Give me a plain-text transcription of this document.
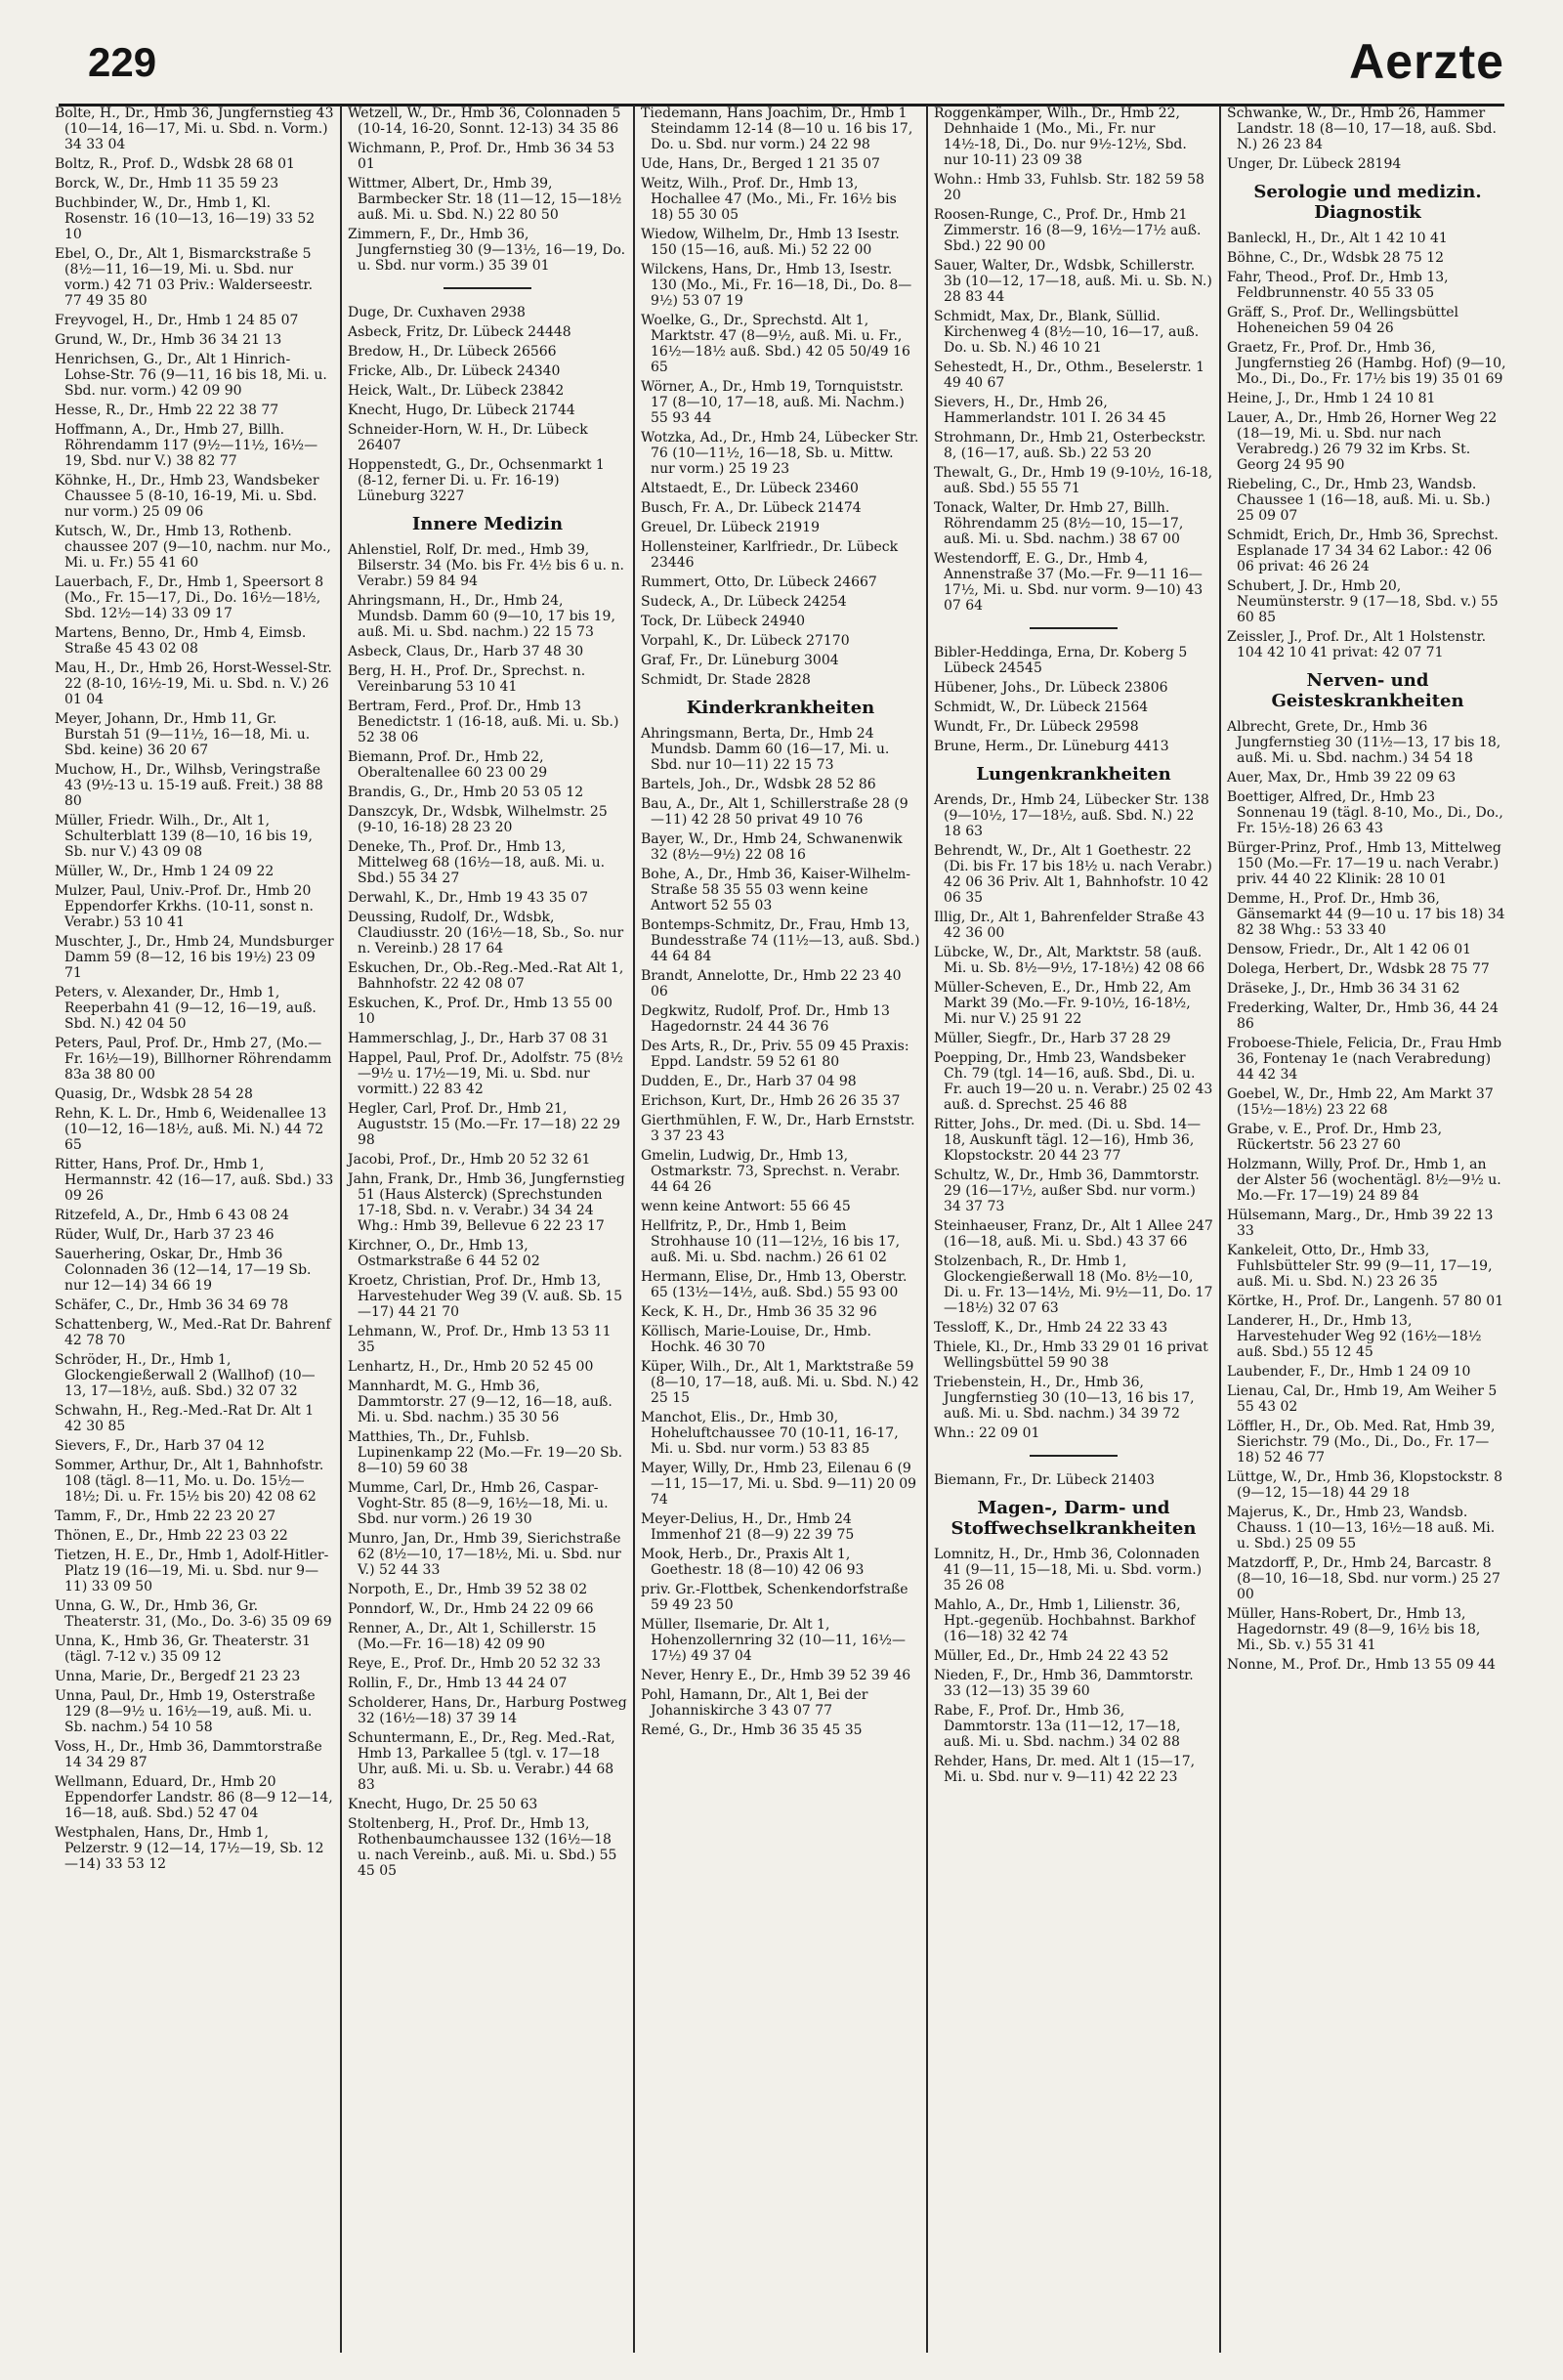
229	Aerzte
Bolte, H., Dr., Hmb 36, Jungfernstieg 43 (10—14, 16—17, Mi. u. Sbd. n. Vorm.) 34 33 04
Boltz, R., Prof. D., Wdsbk 28 68 01
Borck, W., Dr., Hmb 11 35 59 23
Buchbinder, W., Dr., Hmb 1, Kl. Rosenstr. 16 (10—13, 16—19) 33 52 10
Ebel, O., Dr., Alt 1, Bismarckstraße 5 (8½—11, 16—19, Mi. u. Sbd. nur vorm.) 42 71 03 Priv.: Walderseestr. 77 49 35 80
Freyvogel, H., Dr., Hmb 1 24 85 07
Grund, W., Dr., Hmb 36 34 21 13
Henrichsen, G., Dr., Alt 1 Hinrich-Lohse-Str. 76 (9—11, 16 bis 18, Mi. u. Sbd. nur. vorm.) 42 09 90
Hesse, R., Dr., Hmb 22 22 38 77
Hoffmann, A., Dr., Hmb 27, Billh. Röhrendamm 117 (9½—11½, 16½—19, Sbd. nur V.) 38 82 77
Köhnke, H., Dr., Hmb 23, Wandsbeker Chaussee 5 (8-10, 16-19, Mi. u. Sbd. nur vorm.) 25 09 06
Kutsch, W., Dr., Hmb 13, Rothenb. chaussee 207 (9—10, nachm. nur Mo., Mi. u. Fr.) 55 41 60
Lauerbach, F., Dr., Hmb 1, Speersort 8 (Mo., Fr. 15—17, Di., Do. 16½—18½, Sbd. 12½—14) 33 09 17
Martens, Benno, Dr., Hmb 4, Eimsb. Straße 45 43 02 08
Mau, H., Dr., Hmb 26, Horst-Wessel-Str. 22 (8-10, 16½-19, Mi. u. Sbd. n. V.) 26 01 04
Meyer, Johann, Dr., Hmb 11, Gr. Burstah 51 (9—11½, 16—18, Mi. u. Sbd. keine) 36 20 67
Muchow, H., Dr., Wilhsb, Veringstraße 43 (9½-13 u. 15-19 auß. Freit.) 38 88 80
Müller, Friedr. Wilh., Dr., Alt 1, Schulterblatt 139 (8—10, 16 bis 19, Sb. nur V.) 43 09 08
Müller, W., Dr., Hmb 1 24 09 22
Mulzer, Paul, Univ.-Prof. Dr., Hmb 20 Eppendorfer Krkhs. (10-11, sonst n. Verabr.) 53 10 41
Muschter, J., Dr., Hmb 24, Mundsburger Damm 59 (8—12, 16 bis 19½) 23 09 71
Peters, v. Alexander, Dr., Hmb 1, Reeperbahn 41 (9—12, 16—19, auß. Sbd. N.) 42 04 50
Peters, Paul, Prof. Dr., Hmb 27, (Mo.—Fr. 16½—19), Billhorner Röhrendamm 83a 38 80 00
Quasig, Dr., Wdsbk 28 54 28
Rehn, K. L. Dr., Hmb 6, Weidenallee 13 (10—12, 16—18½, auß. Mi. N.) 44 72 65
Ritter, Hans, Prof. Dr., Hmb 1, Hermannstr. 42 (16—17, auß. Sbd.) 33 09 26
Ritzefeld, A., Dr., Hmb 6 43 08 24
Rüder, Wulf, Dr., Harb 37 23 46
Sauerhering, Oskar, Dr., Hmb 36 Colonnaden 36 (12—14, 17—19 Sb. nur 12—14) 34 66 19
Schäfer, C., Dr., Hmb 36 34 69 78
Schattenberg, W., Med.-Rat Dr. Bahrenf 42 78 70
Schröder, H., Dr., Hmb 1, Glockengießerwall 2 (Wallhof) (10—13, 17—18½, auß. Sbd.) 32 07 32
Schwahn, H., Reg.-Med.-Rat Dr. Alt 1 42 30 85
Sievers, F., Dr., Harb 37 04 12
Sommer, Arthur, Dr., Alt 1, Bahnhofstr. 108 (tägl. 8—11, Mo. u. Do. 15½—18½; Di. u. Fr. 15½ bis 20) 42 08 62
Tamm, F., Dr., Hmb 22 23 20 27
Thönen, E., Dr., Hmb 22 23 03 22
Tietzen, H. E., Dr., Hmb 1, Adolf-Hitler-Platz 19 (16—19, Mi. u. Sbd. nur 9—11) 33 09 50
Unna, G. W., Dr., Hmb 36, Gr. Theaterstr. 31, (Mo., Do. 3-6) 35 09 69
Unna, K., Hmb 36, Gr. Theaterstr. 31 (tägl. 7-12 v.) 35 09 12
Unna, Marie, Dr., Bergedf 21 23 23
Unna, Paul, Dr., Hmb 19, Osterstraße 129 (8—9½ u. 16½—19, auß. Mi. u. Sb. nachm.) 54 10 58
Voss, H., Dr., Hmb 36, Dammtorstraße 14 34 29 87
Wellmann, Eduard, Dr., Hmb 20 Eppendorfer Landstr. 86 (8—9 12—14, 16—18, auß. Sbd.) 52 47 04
Westphalen, Hans, Dr., Hmb 1, Pelzerstr. 9 (12—14, 17½—19, Sb. 12—14) 33 53 12
Wetzell, W., Dr., Hmb 36, Colonnaden 5 (10-14, 16-20, Sonnt. 12-13) 34 35 86
Wichmann, P., Prof. Dr., Hmb 36 34 53 01
Wittmer, Albert, Dr., Hmb 39, Barmbecker Str. 18 (11—12, 15—18½ auß. Mi. u. Sbd. N.) 22 80 50
Zimmern, F., Dr., Hmb 36, Jungfernstieg 30 (9—13½, 16—19, Do. u. Sbd. nur vorm.) 35 39 01
Duge, Dr. Cuxhaven 2938
Asbeck, Fritz, Dr. Lübeck 24448
Bredow, H., Dr. Lübeck 26566
Fricke, Alb., Dr. Lübeck 24340
Heick, Walt., Dr. Lübeck 23842
Knecht, Hugo, Dr. Lübeck 21744
Schneider-Horn, W. H., Dr. Lübeck 26407
Hoppenstedt, G., Dr., Ochsenmarkt 1 (8-12, ferner Di. u. Fr. 16-19) Lüneburg 3227
Innere Medizin
Ahlenstiel, Rolf, Dr. med., Hmb 39, Bilserstr. 34 (Mo. bis Fr. 4½ bis 6 u. n. Verabr.) 59 84 94
Ahringsmann, H., Dr., Hmb 24, Mundsb. Damm 60 (9—10, 17 bis 19, auß. Mi. u. Sbd. nachm.) 22 15 73
Asbeck, Claus, Dr., Harb 37 48 30
Berg, H. H., Prof. Dr., Sprechst. n. Vereinbarung 53 10 41
Bertram, Ferd., Prof. Dr., Hmb 13 Benedictstr. 1 (16-18, auß. Mi. u. Sb.) 52 38 06
Biemann, Prof. Dr., Hmb 22, Oberaltenallee 60 23 00 29
Brandis, G., Dr., Hmb 20 53 05 12
Danszcyk, Dr., Wdsbk, Wilhelmstr. 25 (9-10, 16-18) 28 23 20
Deneke, Th., Prof. Dr., Hmb 13, Mittelweg 68 (16½—18, auß. Mi. u. Sbd.) 55 34 27
Derwahl, K., Dr., Hmb 19 43 35 07
Deussing, Rudolf, Dr., Wdsbk, Claudiusstr. 20 (16½—18, Sb., So. nur n. Vereinb.) 28 17 64
Eskuchen, Dr., Ob.-Reg.-Med.-Rat Alt 1, Bahnhofstr. 22 42 08 07
Eskuchen, K., Prof. Dr., Hmb 13 55 00 10
Hammerschlag, J., Dr., Harb 37 08 31
Happel, Paul, Prof. Dr., Adolfstr. 75 (8½—9½ u. 17½—19, Mi. u. Sbd. nur vormitt.) 22 83 42
Hegler, Carl, Prof. Dr., Hmb 21, Auguststr. 15 (Mo.—Fr. 17—18) 22 29 98
Jacobi, Prof., Dr., Hmb 20 52 32 61
Jahn, Frank, Dr., Hmb 36, Jungfernstieg 51 (Haus Alsterck) (Sprechstunden 17-18, Sbd. n. v. Verabr.) 34 34 24 Whg.: Hmb 39, Bellevue 6 22 23 17
Kirchner, O., Dr., Hmb 13, Ostmarkstraße 6 44 52 02
Kroetz, Christian, Prof. Dr., Hmb 13, Harvestehuder Weg 39 (V. auß. Sb. 15—17) 44 21 70
Lehmann, W., Prof. Dr., Hmb 13 53 11 35
Lenhartz, H., Dr., Hmb 20 52 45 00
Mannhardt, M. G., Hmb 36, Dammtorstr. 27 (9—12, 16—18, auß. Mi. u. Sbd. nachm.) 35 30 56
Matthies, Th., Dr., Fuhlsb. Lupinenkamp 22 (Mo.—Fr. 19—20 Sb. 8—10) 59 60 38
Mumme, Carl, Dr., Hmb 26, Caspar-Voght-Str. 85 (8—9, 16½—18, Mi. u. Sbd. nur vorm.) 26 19 30
Munro, Jan, Dr., Hmb 39, Sierichstraße 62 (8½—10, 17—18½, Mi. u. Sbd. nur V.) 52 44 33
Norpoth, E., Dr., Hmb 39 52 38 02
Ponndorf, W., Dr., Hmb 24 22 09 66
Renner, A., Dr., Alt 1, Schillerstr. 15 (Mo.—Fr. 16—18) 42 09 90
Reye, E., Prof. Dr., Hmb 20 52 32 33
Rollin, F., Dr., Hmb 13 44 24 07
Scholderer, Hans, Dr., Harburg Postweg 32 (16½—18) 37 39 14
Schuntermann, E., Dr., Reg. Med.-Rat, Hmb 13, Parkallee 5 (tgl. v. 17—18 Uhr, auß. Mi. u. Sb. u. Verabr.) 44 68 83
Knecht, Hugo, Dr. 25 50 63
Stoltenberg, H., Prof. Dr., Hmb 13, Rothenbaumchaussee 132 (16½—18 u. nach Vereinb., auß. Mi. u. Sbd.) 55 45 05
Tiedemann, Hans Joachim, Dr., Hmb 1 Steindamm 12-14 (8—10 u. 16 bis 17, Do. u. Sbd. nur vorm.) 24 22 98
Ude, Hans, Dr., Berged 1 21 35 07
Weitz, Wilh., Prof. Dr., Hmb 13, Hochallee 47 (Mo., Mi., Fr. 16½ bis 18) 55 30 05
Wiedow, Wilhelm, Dr., Hmb 13 Isestr. 150 (15—16, auß. Mi.) 52 22 00
Wilckens, Hans, Dr., Hmb 13, Isestr. 130 (Mo., Mi., Fr. 16—18, Di., Do. 8—9½) 53 07 19
Woelke, G., Dr., Sprechstd. Alt 1, Marktstr. 47 (8—9½, auß. Mi. u. Fr., 16½—18½ auß. Sbd.) 42 05 50/49 16 65
Wörner, A., Dr., Hmb 19, Tornquiststr. 17 (8—10, 17—18, auß. Mi. Nachm.) 55 93 44
Wotzka, Ad., Dr., Hmb 24, Lübecker Str. 76 (10—11½, 16—18, Sb. u. Mittw. nur vorm.) 25 19 23
Altstaedt, E., Dr. Lübeck 23460
Busch, Fr. A., Dr. Lübeck 21474
Greuel, Dr. Lübeck 21919
Hollensteiner, Karlfriedr., Dr. Lübeck 23446
Rummert, Otto, Dr. Lübeck 24667
Sudeck, A., Dr. Lübeck 24254
Tock, Dr. Lübeck 24940
Vorpahl, K., Dr. Lübeck 27170
Graf, Fr., Dr. Lüneburg 3004
Schmidt, Dr. Stade 2828
Kinderkrankheiten
Ahringsmann, Berta, Dr., Hmb 24 Mundsb. Damm 60 (16—17, Mi. u. Sbd. nur 10—11) 22 15 73
Bartels, Joh., Dr., Wdsbk 28 52 86
Bau, A., Dr., Alt 1, Schillerstraße 28 (9—11) 42 28 50 privat 49 10 76
Bayer, W., Dr., Hmb 24, Schwanenwik 32 (8½—9½) 22 08 16
Bohe, A., Dr., Hmb 36, Kaiser-Wilhelm-Straße 58 35 55 03 wenn keine Antwort 52 55 03
Bontemps-Schmitz, Dr., Frau, Hmb 13, Bundesstraße 74 (11½—13, auß. Sbd.) 44 64 84
Brandt, Annelotte, Dr., Hmb 22 23 40 06
Degkwitz, Rudolf, Prof. Dr., Hmb 13 Hagedornstr. 24 44 36 76
Des Arts, R., Dr., Priv. 55 09 45 Praxis: Eppd. Landstr. 59 52 61 80
Dudden, E., Dr., Harb 37 04 98
Erichson, Kurt, Dr., Hmb 26 26 35 37
Gierthmühlen, F. W., Dr., Harb Ernststr. 3 37 23 43
Gmelin, Ludwig, Dr., Hmb 13, Ostmarkstr. 73, Sprechst. n. Verabr. 44 64 26
wenn keine Antwort: 55 66 45
Hellfritz, P., Dr., Hmb 1, Beim Strohhause 10 (11—12½, 16 bis 17, auß. Mi. u. Sbd. nachm.) 26 61 02
Hermann, Elise, Dr., Hmb 13, Oberstr. 65 (13½—14½, auß. Sbd.) 55 93 00
Keck, K. H., Dr., Hmb 36 35 32 96
Köllisch, Marie-Louise, Dr., Hmb. Hochk. 46 30 70
Küper, Wilh., Dr., Alt 1, Marktstraße 59 (8—10, 17—18, auß. Mi. u. Sbd. N.) 42 25 15
Manchot, Elis., Dr., Hmb 30, Hoheluftchaussee 70 (10-11, 16-17, Mi. u. Sbd. nur vorm.) 53 83 85
Mayer, Willy, Dr., Hmb 23, Eilenau 6 (9—11, 15—17, Mi. u. Sbd. 9—11) 20 09 74
Meyer-Delius, H., Dr., Hmb 24 Immenhof 21 (8—9) 22 39 75
Mook, Herb., Dr., Praxis Alt 1, Goethestr. 18 (8—10) 42 06 93
priv. Gr.-Flottbek, Schenkendorfstraße 59 49 23 50
Müller, Ilsemarie, Dr. Alt 1, Hohenzollernring 32 (10—11, 16½—17½) 49 37 04
Never, Henry E., Dr., Hmb 39 52 39 46
Pohl, Hamann, Dr., Alt 1, Bei der Johanniskirche 3 43 07 77
Remé, G., Dr., Hmb 36 35 45 35
Roggenkämper, Wilh., Dr., Hmb 22, Dehnhaide 1 (Mo., Mi., Fr. nur 14½-18, Di., Do. nur 9½-12½, Sbd. nur 10-11) 23 09 38
Wohn.: Hmb 33, Fuhlsb. Str. 182 59 58 20
Roosen-Runge, C., Prof. Dr., Hmb 21 Zimmerstr. 16 (8—9, 16½—17½ auß. Sbd.) 22 90 00
Sauer, Walter, Dr., Wdsbk, Schillerstr. 3b (10—12, 17—18, auß. Mi. u. Sb. N.) 28 83 44
Schmidt, Max, Dr., Blank, Süllid. Kirchenweg 4 (8½—10, 16—17, auß. Do. u. Sb. N.) 46 10 21
Sehestedt, H., Dr., Othm., Beselerstr. 1 49 40 67
Sievers, H., Dr., Hmb 26, Hammerlandstr. 101 I. 26 34 45
Strohmann, Dr., Hmb 21, Osterbeckstr. 8, (16—17, auß. Sb.) 22 53 20
Thewalt, G., Dr., Hmb 19 (9-10½, 16-18, auß. Sbd.) 55 55 71
Tonack, Walter, Dr. Hmb 27, Billh. Röhrendamm 25 (8½—10, 15—17, auß. Mi. u. Sbd. nachm.) 38 67 00
Westendorff, E. G., Dr., Hmb 4, Annenstraße 37 (Mo.—Fr. 9—11 16—17½, Mi. u. Sbd. nur vorm. 9—10) 43 07 64
Bibler-Heddinga, Erna, Dr. Koberg 5 Lübeck 24545
Hübener, Johs., Dr. Lübeck 23806
Schmidt, W., Dr. Lübeck 21564
Wundt, Fr., Dr. Lübeck 29598
Brune, Herm., Dr. Lüneburg 4413
Lungenkrankheiten
Arends, Dr., Hmb 24, Lübecker Str. 138 (9—10½, 17—18½, auß. Sbd. N.) 22 18 63
Behrendt, W., Dr., Alt 1 Goethestr. 22 (Di. bis Fr. 17 bis 18½ u. nach Verabr.) 42 06 36 Priv. Alt 1, Bahnhofstr. 10 42 06 35
Illig, Dr., Alt 1, Bahrenfelder Straße 43 42 36 00
Lübcke, W., Dr., Alt, Marktstr. 58 (auß. Mi. u. Sb. 8½—9½, 17-18½) 42 08 66
Müller-Scheven, E., Dr., Hmb 22, Am Markt 39 (Mo.—Fr. 9-10½, 16-18½, Mi. nur V.) 25 91 22
Müller, Siegfr., Dr., Harb 37 28 29
Poepping, Dr., Hmb 23, Wandsbeker Ch. 79 (tgl. 14—16, auß. Sbd., Di. u. Fr. auch 19—20 u. n. Verabr.) 25 02 43 auß. d. Sprechst. 25 46 88
Ritter, Johs., Dr. med. (Di. u. Sbd. 14—18, Auskunft tägl. 12—16), Hmb 36, Klopstockstr. 20 44 23 77
Schultz, W., Dr., Hmb 36, Dammtorstr. 29 (16—17½, außer Sbd. nur vorm.) 34 37 73
Steinhaeuser, Franz, Dr., Alt 1 Allee 247 (16—18, auß. Mi. u. Sbd.) 43 37 66
Stolzenbach, R., Dr. Hmb 1, Glockengießerwall 18 (Mo. 8½—10, Di. u. Fr. 13—14½, Mi. 9½—11, Do. 17—18½) 32 07 63
Tessloff, K., Dr., Hmb 24 22 33 43
Thiele, Kl., Dr., Hmb 33 29 01 16 privat Wellingsbüttel 59 90 38
Triebenstein, H., Dr., Hmb 36, Jungfernstieg 30 (10—13, 16 bis 17, auß. Mi. u. Sbd. nachm.) 34 39 72
Whn.: 22 09 01
Biemann, Fr., Dr. Lübeck 21403
Magen-, Darm- und Stoffwechselkrankheiten
Lomnitz, H., Dr., Hmb 36, Colonnaden 41 (9—11, 15—18, Mi. u. Sbd. vorm.) 35 26 08
Mahlo, A., Dr., Hmb 1, Lilienstr. 36, Hpt.-gegenüb. Hochbahnst. Barkhof (16—18) 32 42 74
Müller, Ed., Dr., Hmb 24 22 43 52
Nieden, F., Dr., Hmb 36, Dammtorstr. 33 (12—13) 35 39 60
Rabe, F., Prof. Dr., Hmb 36, Dammtorstr. 13a (11—12, 17—18, auß. Mi. u. Sbd. nachm.) 34 02 88
Rehder, Hans, Dr. med. Alt 1 (15—17, Mi. u. Sbd. nur v. 9—11) 42 22 23
Schwanke, W., Dr., Hmb 26, Hammer Landstr. 18 (8—10, 17—18, auß. Sbd. N.) 26 23 84
Unger, Dr. Lübeck 28194
Serologie und medizin. Diagnostik
Banleckl, H., Dr., Alt 1 42 10 41
Böhne, C., Dr., Wdsbk 28 75 12
Fahr, Theod., Prof. Dr., Hmb 13, Feldbrunnenstr. 40 55 33 05
Gräff, S., Prof. Dr., Wellingsbüttel Hoheneichen 59 04 26
Graetz, Fr., Prof. Dr., Hmb 36, Jungfernstieg 26 (Hambg. Hof) (9—10, Mo., Di., Do., Fr. 17½ bis 19) 35 01 69
Heine, J., Dr., Hmb 1 24 10 81
Lauer, A., Dr., Hmb 26, Horner Weg 22 (18—19, Mi. u. Sbd. nur nach Verabredg.) 26 79 32 im Krbs. St. Georg 24 95 90
Riebeling, C., Dr., Hmb 23, Wandsb. Chaussee 1 (16—18, auß. Mi. u. Sb.) 25 09 07
Schmidt, Erich, Dr., Hmb 36, Sprechst. Esplanade 17 34 34 62 Labor.: 42 06 06 privat: 46 26 24
Schubert, J. Dr., Hmb 20, Neumünsterstr. 9 (17—18, Sbd. v.) 55 60 85
Zeissler, J., Prof. Dr., Alt 1 Holstenstr. 104 42 10 41 privat: 42 07 71
Nerven- und Geisteskrankheiten
Albrecht, Grete, Dr., Hmb 36 Jungfernstieg 30 (11½—13, 17 bis 18, auß. Mi. u. Sbd. nachm.) 34 54 18
Auer, Max, Dr., Hmb 39 22 09 63
Boettiger, Alfred, Dr., Hmb 23 Sonnenau 19 (tägl. 8-10, Mo., Di., Do., Fr. 15½-18) 26 63 43
Bürger-Prinz, Prof., Hmb 13, Mittelweg 150 (Mo.—Fr. 17—19 u. nach Verabr.) priv. 44 40 22 Klinik: 28 10 01
Demme, H., Prof. Dr., Hmb 36, Gänsemarkt 44 (9—10 u. 17 bis 18) 34 82 38 Whg.: 53 33 40
Densow, Friedr., Dr., Alt 1 42 06 01
Dolega, Herbert, Dr., Wdsbk 28 75 77
Dräseke, J., Dr., Hmb 36 34 31 62
Frederking, Walter, Dr., Hmb 36, 44 24 86
Froboese-Thiele, Felicia, Dr., Frau Hmb 36, Fontenay 1e (nach Verabredung) 44 42 34
Goebel, W., Dr., Hmb 22, Am Markt 37 (15½—18½) 23 22 68
Grabe, v. E., Prof. Dr., Hmb 23, Rückertstr. 56 23 27 60
Holzmann, Willy, Prof. Dr., Hmb 1, an der Alster 56 (wochentägl. 8½—9½ u. Mo.—Fr. 17—19) 24 89 84
Hülsemann, Marg., Dr., Hmb 39 22 13 33
Kankeleit, Otto, Dr., Hmb 33, Fuhlsbütteler Str. 99 (9—11, 17—19, auß. Mi. u. Sbd. N.) 23 26 35
Körtke, H., Prof. Dr., Langenh. 57 80 01
Landerer, H., Dr., Hmb 13, Harvestehuder Weg 92 (16½—18½ auß. Sbd.) 55 12 45
Laubender, F., Dr., Hmb 1 24 09 10
Lienau, Cal, Dr., Hmb 19, Am Weiher 5 55 43 02
Löffler, H., Dr., Ob. Med. Rat, Hmb 39, Sierichstr. 79 (Mo., Di., Do., Fr. 17—18) 52 46 77
Lüttge, W., Dr., Hmb 36, Klopstockstr. 8 (9—12, 15—18) 44 29 18
Majerus, K., Dr., Hmb 23, Wandsb. Chauss. 1 (10—13, 16½—18 auß. Mi. u. Sbd.) 25 09 55
Matzdorff, P., Dr., Hmb 24, Barcastr. 8 (8—10, 16—18, Sbd. nur vorm.) 25 27 00
Müller, Hans-Robert, Dr., Hmb 13, Hagedornstr. 49 (8—9, 16½ bis 18, Mi., Sb. v.) 55 31 41
Nonne, M., Prof. Dr., Hmb 13 55 09 44
